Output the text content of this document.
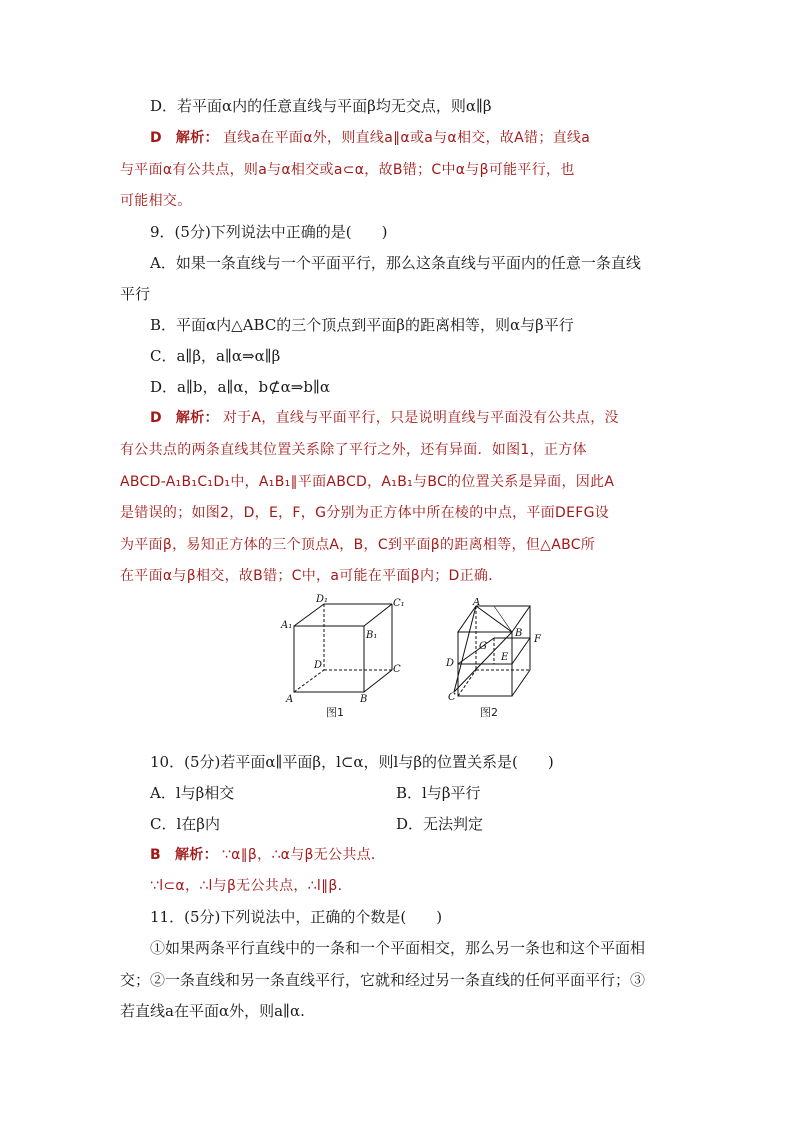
D．若平面α内的任意直线与平面β均无交点，则α∥β
D 解析： 直线a在平面α外，则直线a∥α或a与α相交，故A错；直线a
与平面α有公共点，则a与α相交或a⊂α，故B错；C中α与β可能平行，也
可能相交。
9．(5分)下列说法中正确的是(　　)
A．如果一条直线与一个平面平行，那么这条直线与平面内的任意一条直线
平行
B．平面α内△ABC的三个顶点到平面β的距离相等，则α与β平行
C．a∥β，a∥α⇒α∥β
D．a∥b，a∥α，b⊄α⇒b∥α
D 解析： 对于A，直线与平面平行，只是说明直线与平面没有公共点，没
有公共点的两条直线其位置关系除了平行之外，还有异面．如图1，正方体
ABCD-A₁B₁C₁D₁中，A₁B₁∥平面ABCD，A₁B₁与BC的位置关系是异面，因此A
是错误的；如图2，D，E，F，G分别为正方体中所在棱的中点，平面DEFG设
为平面β，易知正方体的三个顶点A，B，C到平面β的距离相等，但△ABC所
在平面α与β相交，故B错；C中，a可能在平面β内；D正确．
D₁	C₁
A₁
B₁
D	C
A	B
图1
A
B
F
G
D
E
C
图2
10．(5分)若平面α∥平面β，l⊂α，则l与β的位置关系是(　　)
A．l与β相交	B．l与β平行
C．l在β内	D．无法判定
B 解析： ∵α∥β，∴α与β无公共点．
∵l⊂α，∴l与β无公共点，∴l∥β.
11．(5分)下列说法中，正确的个数是(　　)
①如果两条平行直线中的一条和一个平面相交，那么另一条也和这个平面相
交；②一条直线和另一条直线平行，它就和经过另一条直线的任何平面平行；③
若直线a在平面α外，则a∥α.
